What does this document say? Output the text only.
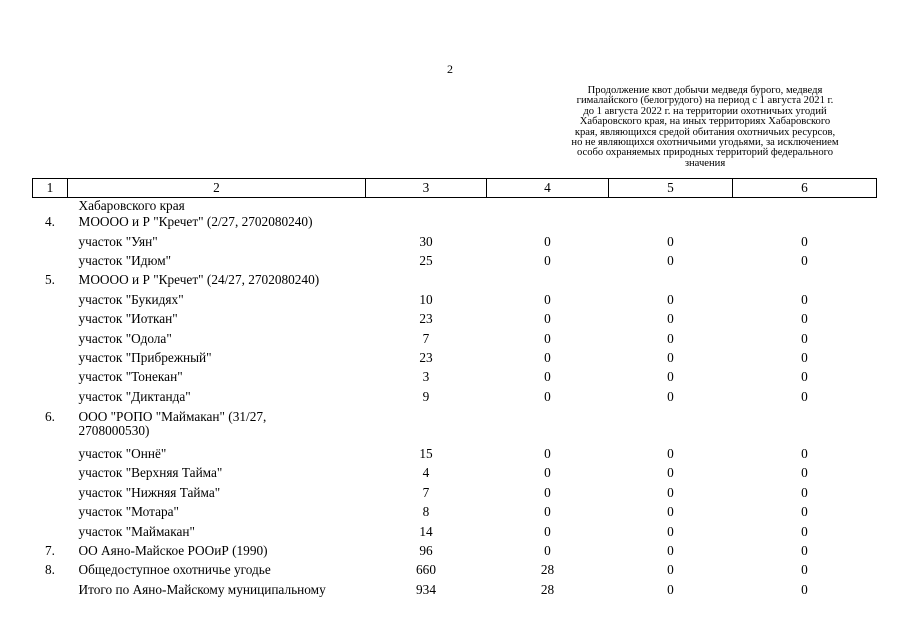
2
Продолжение квот добычи медведя бурого, медведя
гималайского (белогрудого) на период с 1 августа 2021 г.
до 1 августа 2022 г. на территории охотничьих угодий
Хабаровского края, на иных территориях Хабаровского
края, являющихся средой обитания охотничьих ресурсов,
но не являющихся охотничьими угодьями, за исключением
особо охраняемых природных территорий федерального
значения
1	2	3	4	5	6
	Хабаровского края				
4.	МОООО и Р "Кречет" (2/27, 2702080240)				
	участок "Уян"	30	0	0	0
	участок "Идюм"	25	0	0	0
5.	МОООО и Р "Кречет" (24/27, 2702080240)				
	участок "Букидях"	10	0	0	0
	участок "Иоткан"	23	0	0	0
	участок "Одола"	7	0	0	0
	участок "Прибрежный"	23	0	0	0
	участок "Тонекан"	3	0	0	0
	участок "Диктанда"	9	0	0	0
6.	ООО "РОПО "Маймакан" (31/27,
2708000530)				

	участок "Оннё"	15	0	0	0
	участок "Верхняя Тайма"	4	0	0	0
	участок "Нижняя Тайма"	7	0	0	0
	участок "Мотара"	8	0	0	0
	участок "Маймакан"	14	0	0	0
7.	ОО Аяно-Майское РООиР (1990)	96	0	0	0
8.	Общедоступное охотничье угодье	660	28	0	0
	Итого по Аяно-Майскому муниципальному	934	28	0	0
